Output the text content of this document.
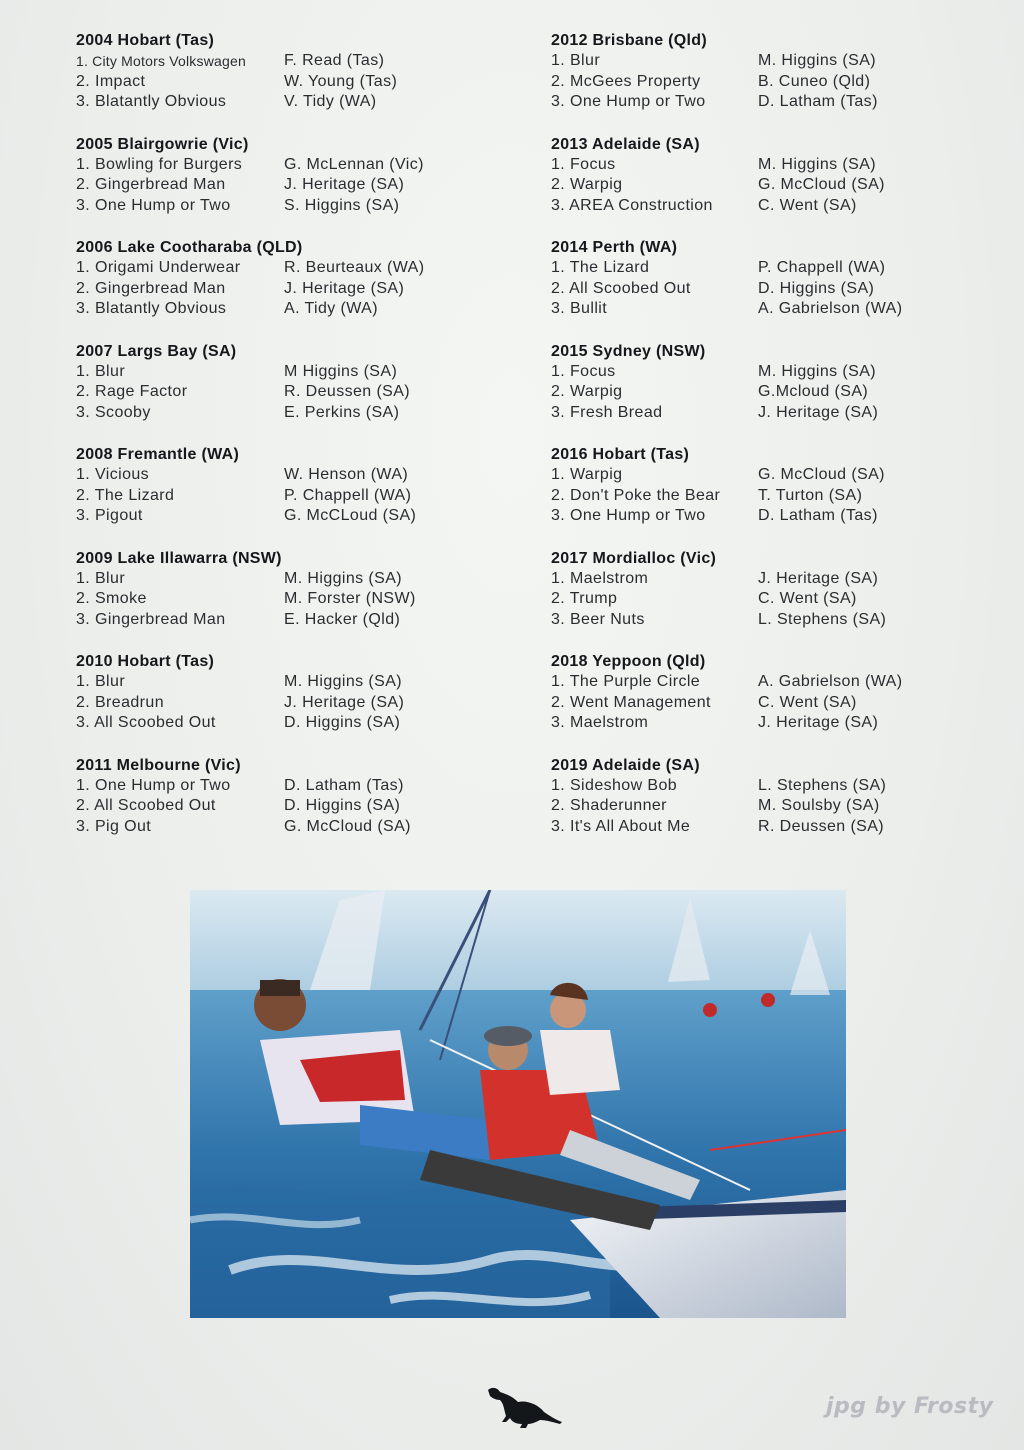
2004 Hobart (Tas)
1. City Motors Volkswagen	F. Read (Tas)
2. Impact	W. Young (Tas)
3. Blatantly Obvious	V. Tidy (WA)
2005 Blairgowrie (Vic)
1. Bowling for Burgers	G. McLennan (Vic)
2. Gingerbread Man	J. Heritage (SA)
3. One Hump or Two	S. Higgins (SA)
2006 Lake Cootharaba (QLD)
1. Origami Underwear	R. Beurteaux (WA)
2. Gingerbread Man	J. Heritage (SA)
3. Blatantly Obvious	A. Tidy (WA)
2007 Largs Bay (SA)
1. Blur	M Higgins (SA)
2. Rage Factor	R. Deussen (SA)
3. Scooby	E. Perkins (SA)
2008 Fremantle (WA)
1. Vicious	W. Henson (WA)
2. The Lizard	P. Chappell (WA)
3. Pigout	G. McCLoud (SA)
2009 Lake Illawarra (NSW)
1. Blur	M. Higgins (SA)
2. Smoke	M. Forster (NSW)
3. Gingerbread Man	E. Hacker (Qld)
2010 Hobart (Tas)
1. Blur	M. Higgins (SA)
2. Breadrun	J. Heritage (SA)
3. All Scoobed Out	D. Higgins (SA)
2011 Melbourne (Vic)
1. One Hump or Two	D. Latham (Tas)
2. All Scoobed Out	D. Higgins (SA)
3. Pig Out	G. McCloud (SA)
2012 Brisbane (Qld)
1. Blur	M. Higgins (SA)
2. McGees Property	B. Cuneo (Qld)
3. One Hump or Two	D. Latham (Tas)
2013 Adelaide (SA)
1. Focus	M. Higgins (SA)
2. Warpig	G. McCloud (SA)
3. AREA Construction	C. Went (SA)
2014 Perth (WA)
1. The Lizard	P. Chappell (WA)
2. All Scoobed Out	D. Higgins (SA)
3. Bullit	A. Gabrielson (WA)
2015 Sydney (NSW)
1. Focus	M. Higgins (SA)
2. Warpig	G.Mcloud (SA)
3. Fresh Bread	J. Heritage (SA)
2016 Hobart (Tas)
1. Warpig	G. McCloud (SA)
2. Don't Poke the Bear	T. Turton (SA)
3. One Hump or Two	D. Latham (Tas)
2017 Mordialloc (Vic)
1. Maelstrom	J. Heritage (SA)
2. Trump	C. Went (SA)
3. Beer Nuts	L. Stephens (SA)
2018 Yeppoon (Qld)
1. The Purple Circle	A. Gabrielson (WA)
2. Went Management	C. Went (SA)
3. Maelstrom	J. Heritage (SA)
2019 Adelaide (SA)
1. Sideshow Bob	L. Stephens (SA)
2. Shaderunner	M. Soulsby (SA)
3. It's All About Me	R. Deussen (SA)
jpg by Frosty
